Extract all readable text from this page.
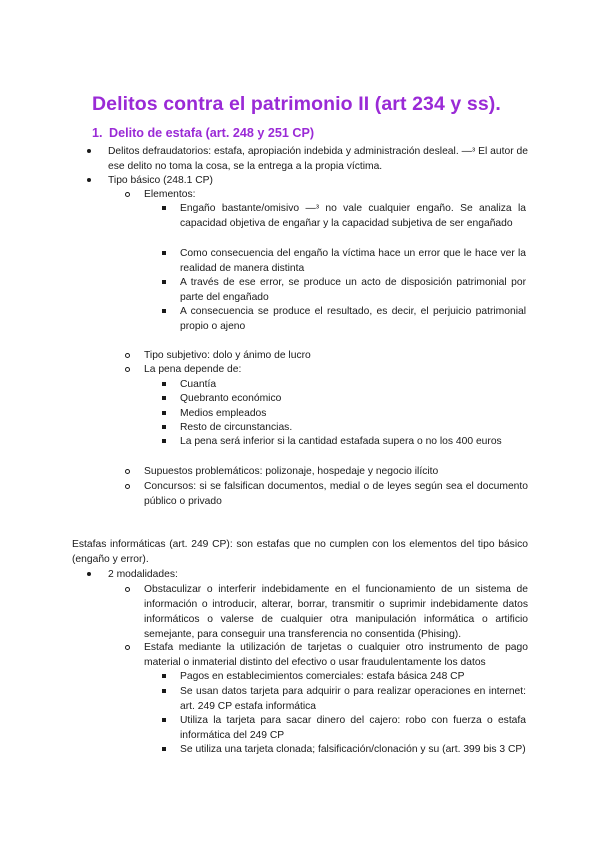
Delitos contra el patrimonio II (art 234 y ss).
1. Delito de estafa (art. 248 y 251 CP)
Delitos defraudatorios: estafa, apropiación indebida y administración desleal. —ᵌ El autor de ese delito no toma la cosa, se la entrega a la propia víctima.
Tipo básico (248.1 CP)
Elementos:
Engaño bastante/omisivo —ᵌ no vale cualquier engaño. Se analiza la capacidad objetiva de engañar y la capacidad subjetiva de ser engañado
Como consecuencia del engaño la víctima hace un error que le hace ver la realidad de manera distinta
A través de ese error, se produce un acto de disposición patrimonial por parte del engañado
A consecuencia se produce el resultado, es decir, el perjuicio patrimonial propio o ajeno
Tipo subjetivo: dolo y ánimo de lucro
La pena depende de:
Cuantía
Quebranto económico
Medios empleados
Resto de circunstancias.
La pena será inferior si la cantidad estafada supera o no los 400 euros
Supuestos problemáticos: polizonaje, hospedaje y negocio ilícito
Concursos: si se falsifican documentos, medial o de leyes según sea el documento público o privado
Estafas informáticas (art. 249 CP): son estafas que no cumplen con los elementos del tipo básico (engaño y error).
2 modalidades:
Obstaculizar o interferir indebidamente en el funcionamiento de un sistema de información o introducir, alterar, borrar, transmitir o suprimir indebidamente datos informáticos o valerse de cualquier otra manipulación informática o artificio semejante, para conseguir una transferencia no consentida (Phising).
Estafa mediante la utilización de tarjetas o cualquier otro instrumento de pago material o inmaterial distinto del efectivo o usar fraudulentamente los datos
Pagos en establecimientos comerciales: estafa básica 248 CP
Se usan datos tarjeta para adquirir o para realizar operaciones en internet: art. 249 CP estafa informática
Utiliza la tarjeta para sacar dinero del cajero: robo con fuerza o estafa informática del 249 CP
Se utiliza una tarjeta clonada; falsificación/clonación y su (art. 399 bis 3 CP)
